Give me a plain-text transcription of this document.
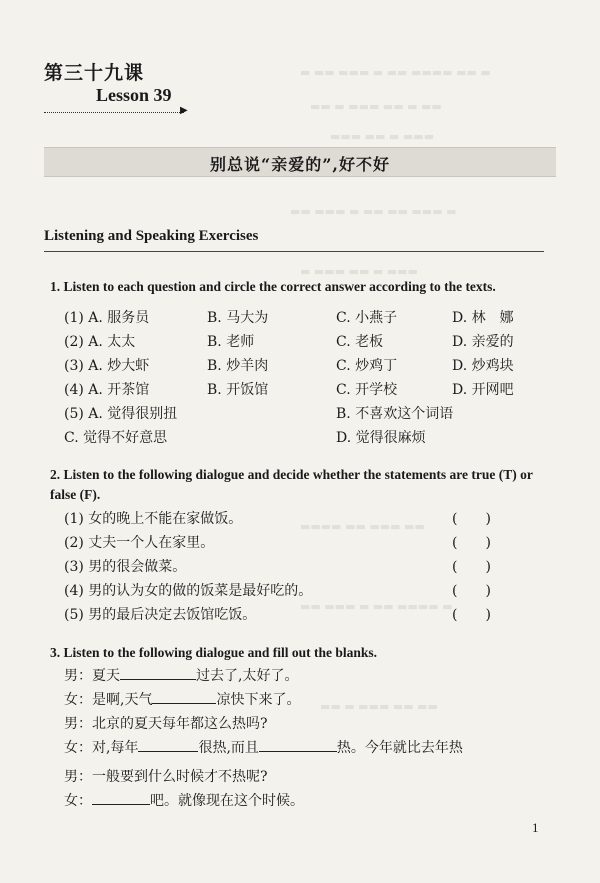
▬ ▬▬ ▬▬▬ ▬ ▬▬ ▬▬▬▬ ▬▬ ▬
▬▬ ▬ ▬▬▬ ▬▬ ▬ ▬▬
▬▬▬ ▬▬ ▬ ▬▬▬
▬▬ ▬▬▬ ▬ ▬▬ ▬▬ ▬▬▬ ▬
▬ ▬▬▬ ▬▬ ▬ ▬▬▬
▬▬▬▬ ▬▬ ▬▬▬ ▬▬
▬▬ ▬▬▬ ▬ ▬▬ ▬▬▬▬ ▬
▬▬ ▬ ▬▬▬ ▬▬ ▬▬
第三十九课
Lesson 39
▶
别总说“亲爱的”,好不好
Listening and Speaking Exercises
1. Listen to each question and circle the correct answer according to the texts.
(1) A. 服务员	B. 马大为	C. 小燕子	D. 林　娜
(2) A. 太太	B. 老师	C. 老板	D. 亲爱的
(3) A. 炒大虾	B. 炒羊肉	C. 炒鸡丁	D. 炒鸡块
(4) A. 开茶馆	B. 开饭馆	C. 开学校	D. 开网吧
(5) A. 觉得很别扭	B. 不喜欢这个词语
C. 觉得不好意思	D. 觉得很麻烦
2. Listen to the following dialogue and decide whether the statements are true (T) or false (F).
(1) 女的晚上不能在家做饭。	(　　)
(2) 丈夫一个人在家里。	(　　)
(3) 男的很会做菜。	(　　)
(4) 男的认为女的做的饭菜是最好吃的。	(　　)
(5) 男的最后决定去饭馆吃饭。	(　　)
3. Listen to the following dialogue and fill out the blanks.
男：夏天	过去了,太好了。
女：是啊,天气	凉快下来了。
男：北京的夏天每年都这么热吗?
女：对,每年	很热,而且	热。今年就比去年热
男：一般要到什么时候才不热呢?
女：	吧。就像现在这个时候。
1
